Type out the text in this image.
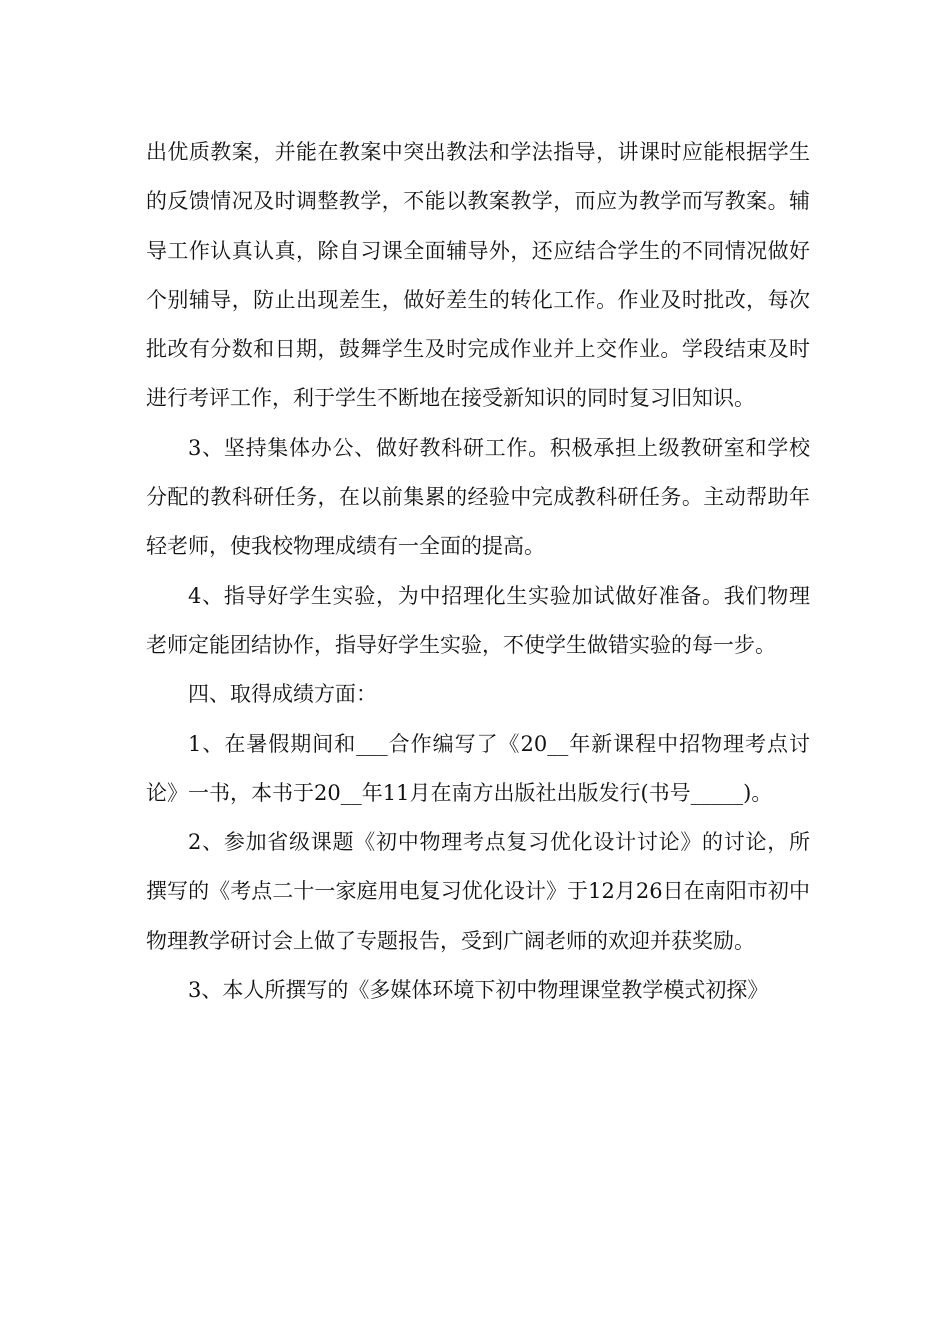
出优质教案，并能在教案中突出教法和学法指导，讲课时应能根据学生的反馈情况及时调整教学，不能以教案教学，而应为教学而写教案。辅导工作认真认真，除自习课全面辅导外，还应结合学生的不同情况做好个别辅导，防止出现差生，做好差生的转化工作。作业及时批改，每次批改有分数和日期，鼓舞学生及时完成作业并上交作业。学段结束及时进行考评工作，利于学生不断地在接受新知识的同时复习旧知识。

3、坚持集体办公、做好教科研工作。积极承担上级教研室和学校分配的教科研任务，在以前集累的经验中完成教科研任务。主动帮助年轻老师，使我校物理成绩有一全面的提高。

4、指导好学生实验，为中招理化生实验加试做好准备。我们物理老师定能团结协作，指导好学生实验，不使学生做错实验的每一步。

四、取得成绩方面：

1、在暑假期间和___合作编写了《20__年新课程中招物理考点讨论》一书，本书于20__年11月在南方出版社出版发行(书号_____)。

2、参加省级课题《初中物理考点复习优化设计讨论》的讨论，所撰写的《考点二十一家庭用电复习优化设计》于12月26日在南阳市初中物理教学研讨会上做了专题报告，受到广阔老师的欢迎并获奖励。

3、本人所撰写的《多媒体环境下初中物理课堂教学模式初探》
